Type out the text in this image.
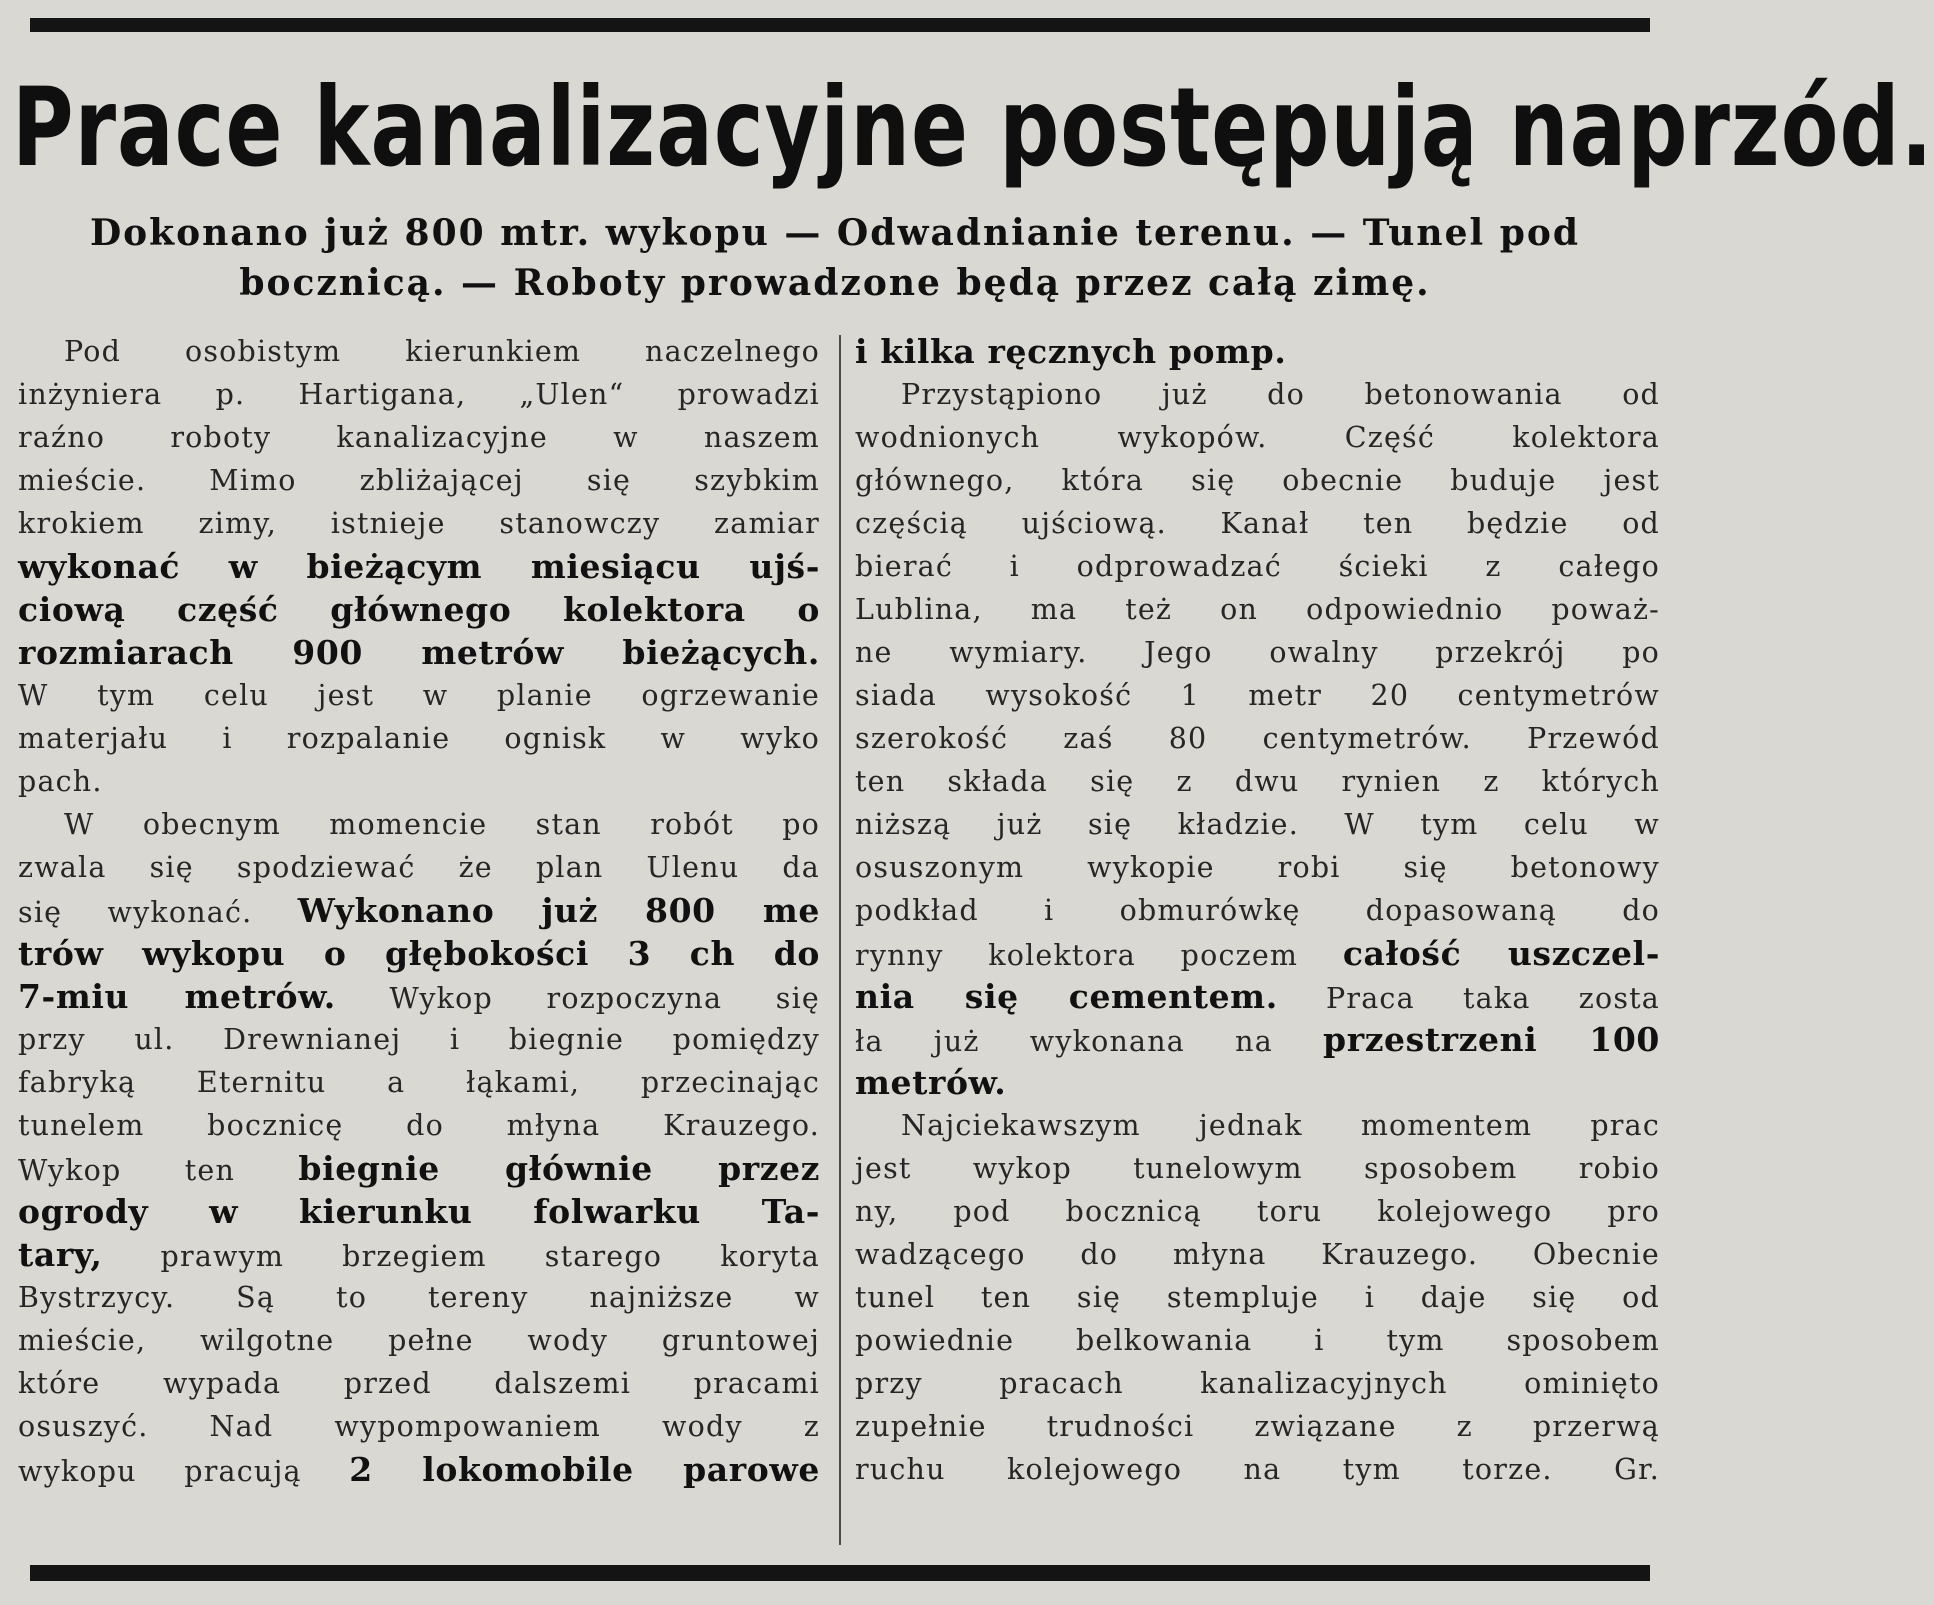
Prace kanalizacyjne postępują naprzód.
Dokonano już 800 mtr. wykopu — Odwadnianie terenu. — Tunel pod
bocznicą. — Roboty prowadzone będą przez całą zimę.
Pod osobistym kierunkiem naczelnego
inżyniera p. Hartigana, „Ulen“ prowadzi
raźno roboty kanalizacyjne w naszem
mieście. Mimo zbliżającej się szybkim
krokiem zimy, istnieje stanowczy zamiar
wykonać w bieżącym miesiącu ujś-
ciową część głównego kolektora o
rozmiarach 900 metrów bieżących.
W tym celu jest w planie ogrzewanie
materjału i rozpalanie ognisk w wyko
pach.
W obecnym momencie stan robót po
zwala się spodziewać że plan Ulenu da
się wykonać. Wykonano już 800 me
trów wykopu o głębokości 3 ch do
7-miu metrów. Wykop rozpoczyna się
przy ul. Drewnianej i biegnie pomiędzy
fabryką Eternitu a łąkami, przecinając
tunelem bocznicę do młyna Krauzego.
Wykop ten biegnie głównie przez
ogrody w kierunku folwarku Ta-
tary, prawym brzegiem starego koryta
Bystrzycy. Są to tereny najniższe w
mieście, wilgotne pełne wody gruntowej
które wypada przed dalszemi pracami
osuszyć. Nad wypompowaniem wody z
wykopu pracują 2 lokomobile parowe
i kilka ręcznych pomp.
Przystąpiono już do betonowania od
wodnionych wykopów. Część kolektora
głównego, która się obecnie buduje jest
częścią ujściową. Kanał ten będzie od
bierać i odprowadzać ścieki z całego
Lublina, ma też on odpowiednio poważ-
ne wymiary. Jego owalny przekrój po
siada wysokość 1 metr 20 centymetrów
szerokość zaś 80 centymetrów. Przewód
ten składa się z dwu rynien z których
niższą już się kładzie. W tym celu w
osuszonym wykopie robi się betonowy
podkład i obmurówkę dopasowaną do
rynny kolektora poczem całość uszczel-
nia się cementem. Praca taka zosta
ła już wykonana na przestrzeni 100
metrów.
Najciekawszym jednak momentem prac
jest wykop tunelowym sposobem robio
ny, pod bocznicą toru kolejowego pro
wadzącego do młyna Krauzego. Obecnie
tunel ten się stempluje i daje się od
powiednie belkowania i tym sposobem
przy pracach kanalizacyjnych ominięto
zupełnie trudności związane z przerwą
ruchu kolejowego na tym torze. Gr.
